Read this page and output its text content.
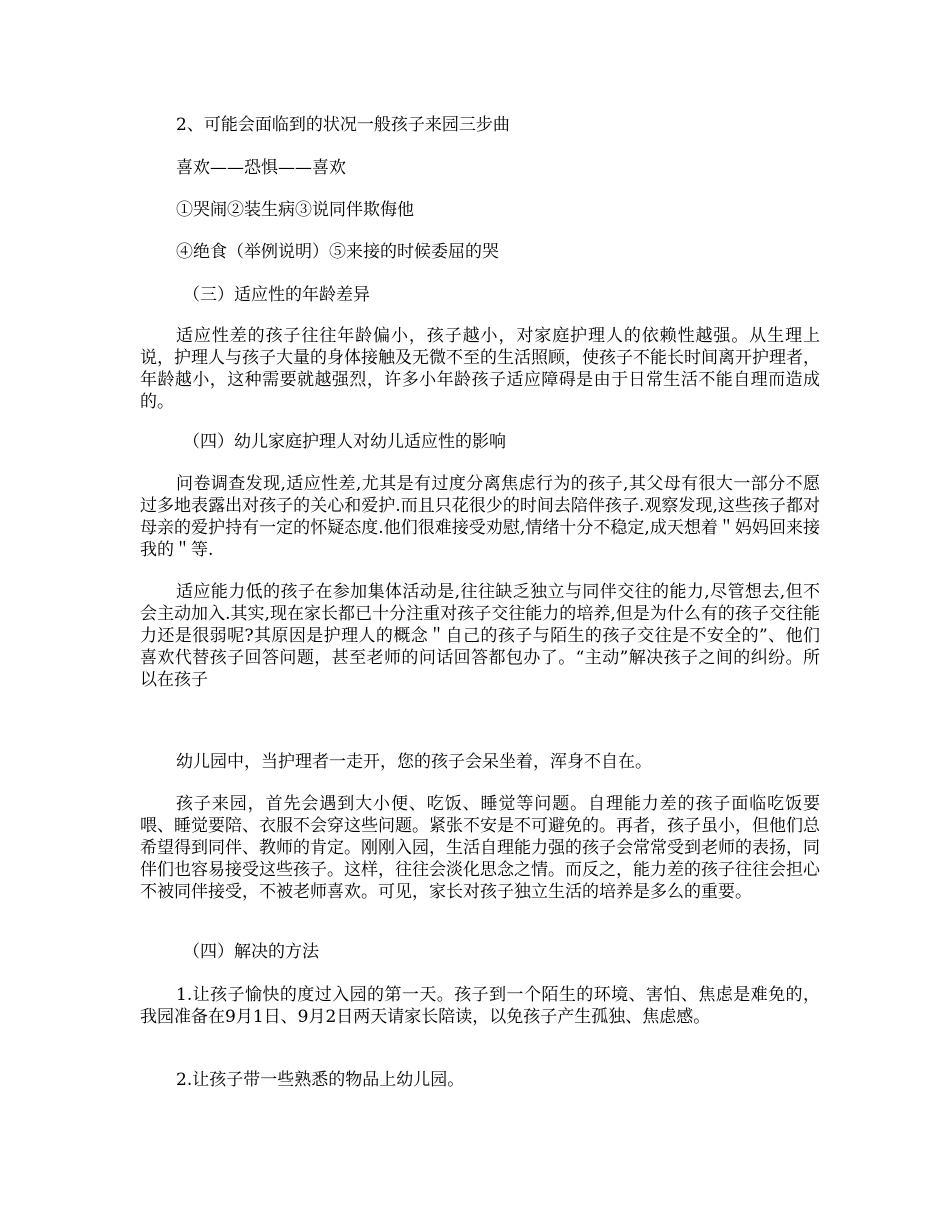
2、可能会面临到的状况一般孩子来园三步曲
喜欢——恐惧——喜欢
①哭闹②装生病③说同伴欺侮他
④绝食（举例说明）⑤来接的时候委屈的哭
（三）适应性的年龄差异
适应性差的孩子往往年龄偏小，孩子越小，对家庭护理人的依赖性越强。从生理上说，护理人与孩子大量的身体接触及无微不至的生活照顾，使孩子不能长时间离开护理者，年龄越小，这种需要就越强烈，许多小年龄孩子适应障碍是由于日常生活不能自理而造成的。
（四）幼儿家庭护理人对幼儿适应性的影响
问卷调查发现,适应性差,尤其是有过度分离焦虑行为的孩子,其父母有很大一部分不愿过多地表露出对孩子的关心和爱护.而且只花很少的时间去陪伴孩子.观察发现,这些孩子都对母亲的爱护持有一定的怀疑态度.他们很难接受劝慰,情绪十分不稳定,成天想着＂妈妈回来接我的＂等.
适应能力低的孩子在参加集体活动是,往往缺乏独立与同伴交往的能力,尽管想去,但不会主动加入.其实,现在家长都已十分注重对孩子交往能力的培养,但是为什么有的孩子交往能力还是很弱呢?其原因是护理人的概念＂自己的孩子与陌生的孩子交往是不安全的”、他们喜欢代替孩子回答问题，甚至老师的问话回答都包办了。“主动”解决孩子之间的纠纷。所以在孩子
幼儿园中，当护理者一走开，您的孩子会呆坐着，浑身不自在。
孩子来园，首先会遇到大小便、吃饭、睡觉等问题。自理能力差的孩子面临吃饭要喂、睡觉要陪、衣服不会穿这些问题。紧张不安是不可避免的。再者，孩子虽小，但他们总希望得到同伴、教师的肯定。刚刚入园，生活自理能力强的孩子会常常受到老师的表扬，同伴们也容易接受这些孩子。这样，往往会淡化思念之情。而反之，能力差的孩子往往会担心不被同伴接受，不被老师喜欢。可见，家长对孩子独立生活的培养是多么的重要。
（四）解决的方法
1.让孩子愉快的度过入园的第一天。孩子到一个陌生的环境、害怕、焦虑是难免的，我园准备在9月1日、9月2日两天请家长陪读，以免孩子产生孤独、焦虑感。
2.让孩子带一些熟悉的物品上幼儿园。
